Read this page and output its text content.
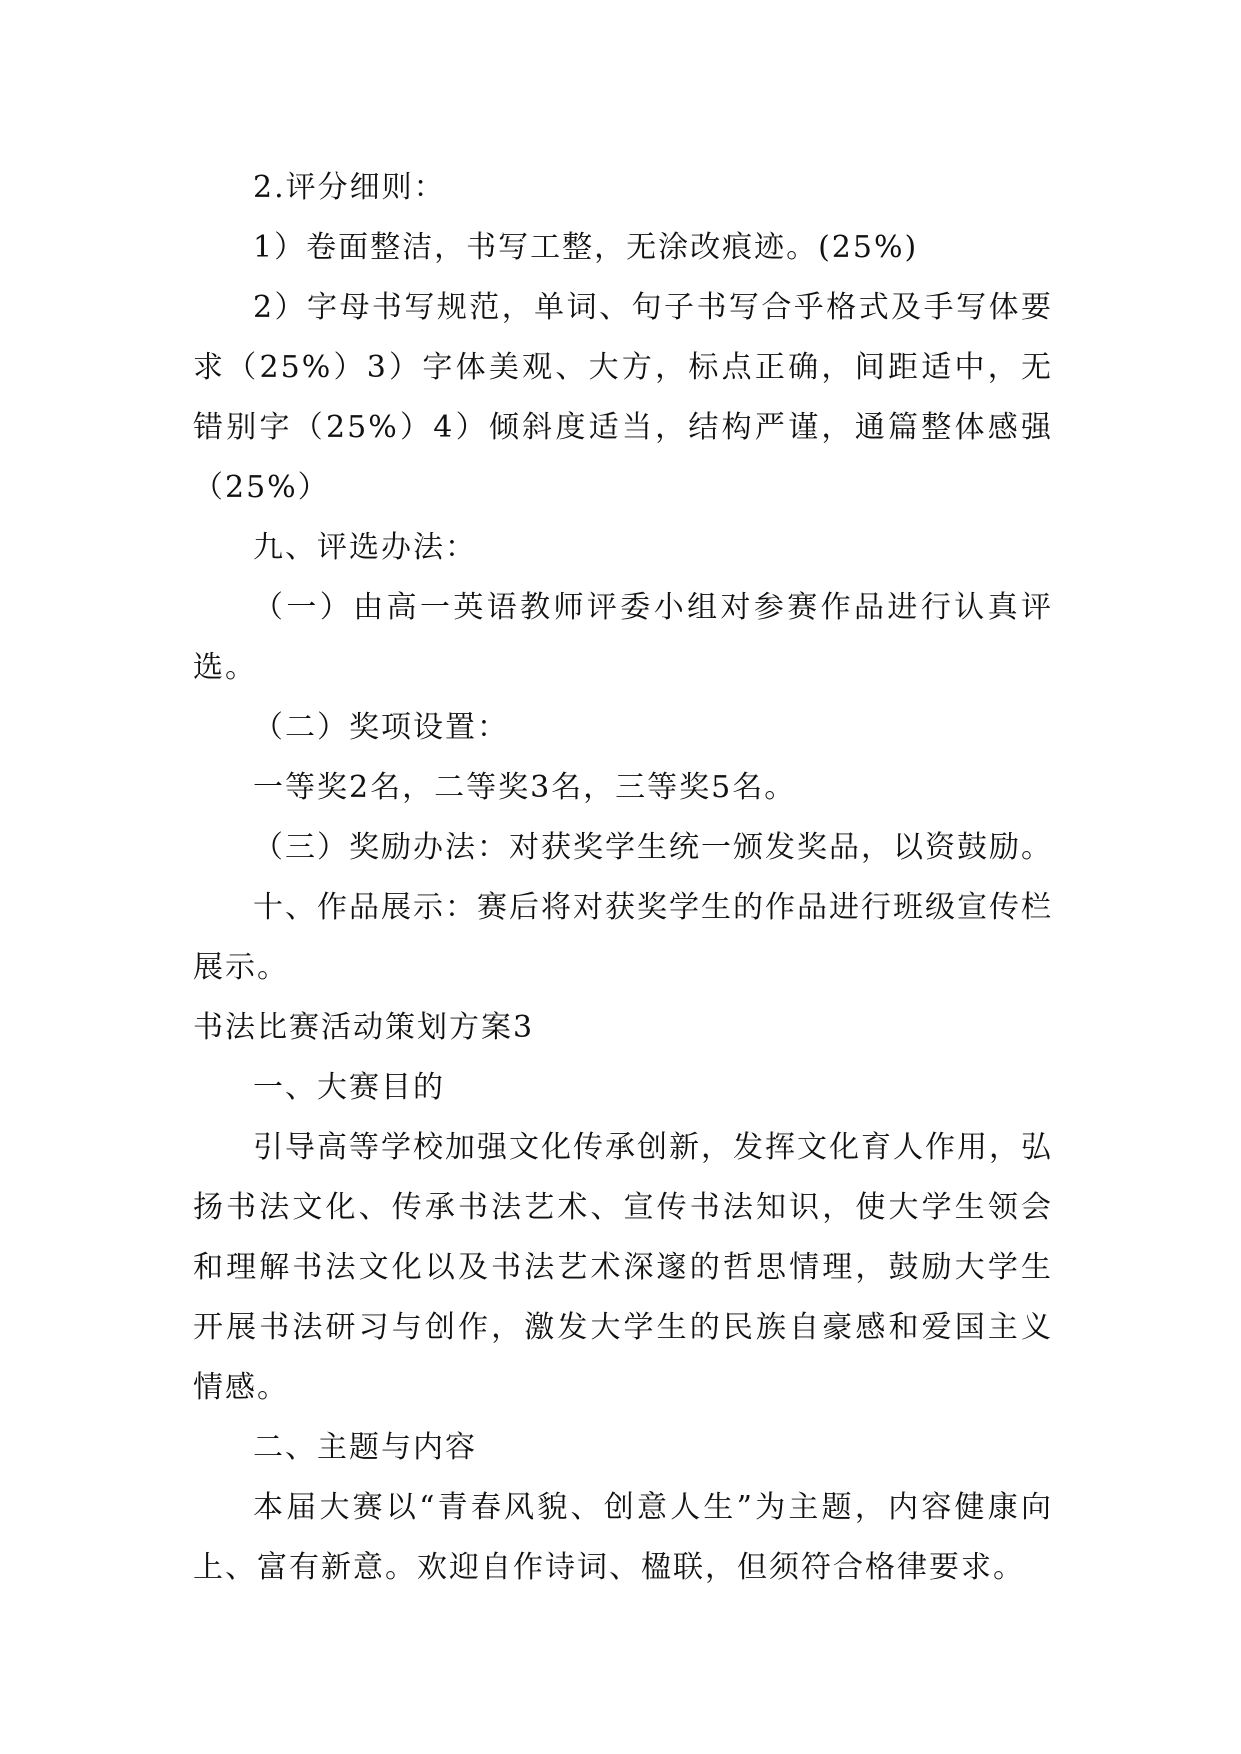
2.评分细则：

1）卷面整洁，书写工整，无涂改痕迹。(25%)

2）字母书写规范，单词、句子书写合乎格式及手写体要求（25%）3）字体美观、大方，标点正确，间距适中，无错别字（25%）4）倾斜度适当，结构严谨，通篇整体感强（25%）

九、评选办法：

（一）由高一英语教师评委小组对参赛作品进行认真评选。

（二）奖项设置：

一等奖2名，二等奖3名，三等奖5名。

（三）奖励办法：对获奖学生统一颁发奖品，以资鼓励。

十、作品展示：赛后将对获奖学生的作品进行班级宣传栏展示。

书法比赛活动策划方案3

一、大赛目的

引导高等学校加强文化传承创新，发挥文化育人作用，弘扬书法文化、传承书法艺术、宣传书法知识，使大学生领会和理解书法文化以及书法艺术深邃的哲思情理，鼓励大学生开展书法研习与创作，激发大学生的民族自豪感和爱国主义情感。

二、主题与内容

本届大赛以“青春风貌、创意人生”为主题，内容健康向上、富有新意。欢迎自作诗词、楹联，但须符合格律要求。
